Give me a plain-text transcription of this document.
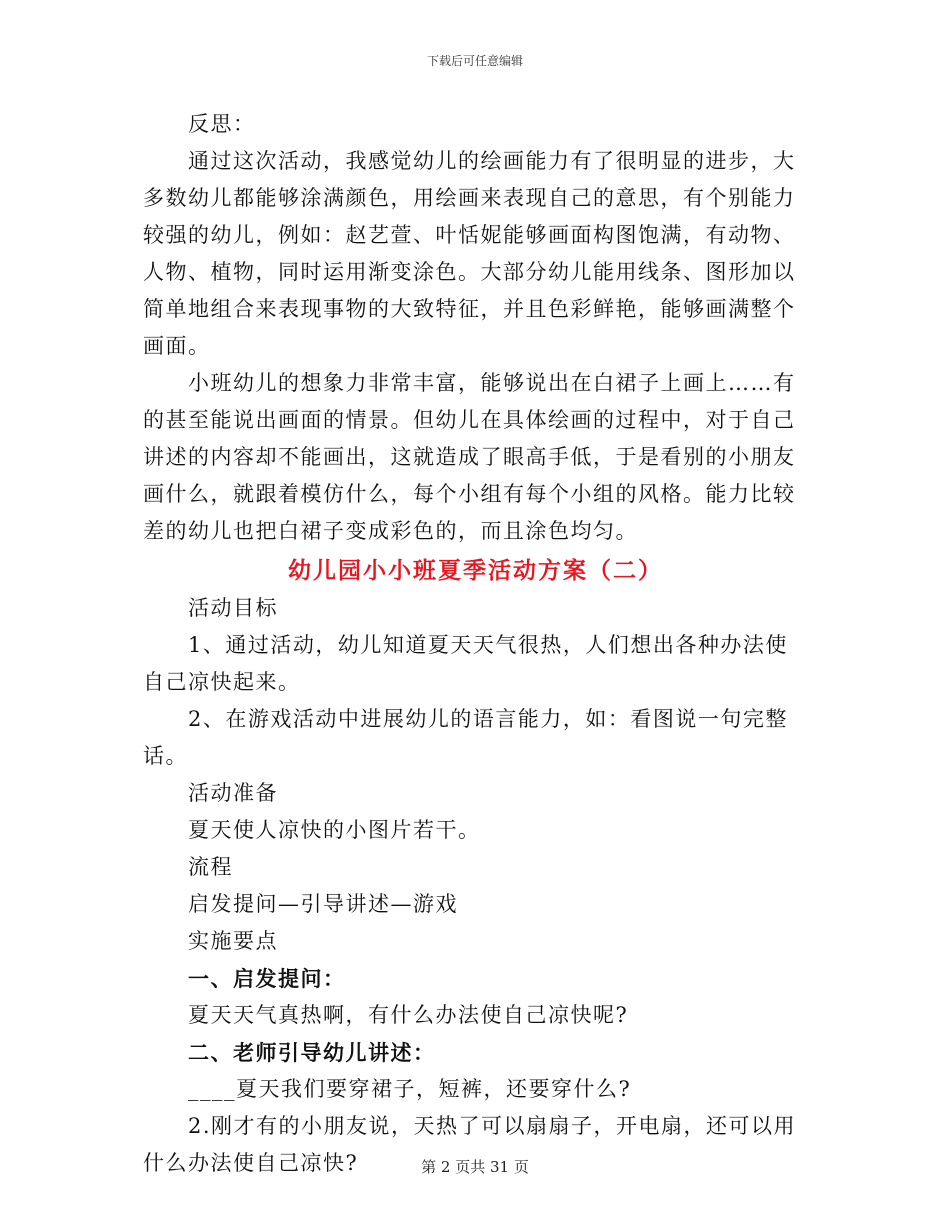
下载后可任意编辑

反思：

通过这次活动，我感觉幼儿的绘画能力有了很明显的进步，大多数幼儿都能够涂满颜色，用绘画来表现自己的意思，有个别能力较强的幼儿，例如：赵艺萱、叶恬妮能够画面构图饱满，有动物、人物、植物，同时运用渐变涂色。大部分幼儿能用线条、图形加以简单地组合来表现事物的大致特征，并且色彩鲜艳，能够画满整个画面。

小班幼儿的想象力非常丰富，能够说出在白裙子上画上……有的甚至能说出画面的情景。但幼儿在具体绘画的过程中，对于自己讲述的内容却不能画出，这就造成了眼高手低，于是看别的小朋友画什么，就跟着模仿什么，每个小组有每个小组的风格。能力比较差的幼儿也把白裙子变成彩色的，而且涂色均匀。

幼儿园小小班夏季活动方案（二）

活动目标

1、通过活动，幼儿知道夏天天气很热，人们想出各种办法使自己凉快起来。

2、在游戏活动中进展幼儿的语言能力，如：看图说一句完整话。

活动准备

夏天使人凉快的小图片若干。

流程

启发提问—引导讲述—游戏

实施要点

一、启发提问：

夏天天气真热啊，有什么办法使自己凉快呢?

二、老师引导幼儿讲述：

____夏天我们要穿裙子，短裤，还要穿什么?

2.刚才有的小朋友说，天热了可以扇扇子，开电扇，还可以用什么办法使自己凉快?	第 2 页共 31 页
